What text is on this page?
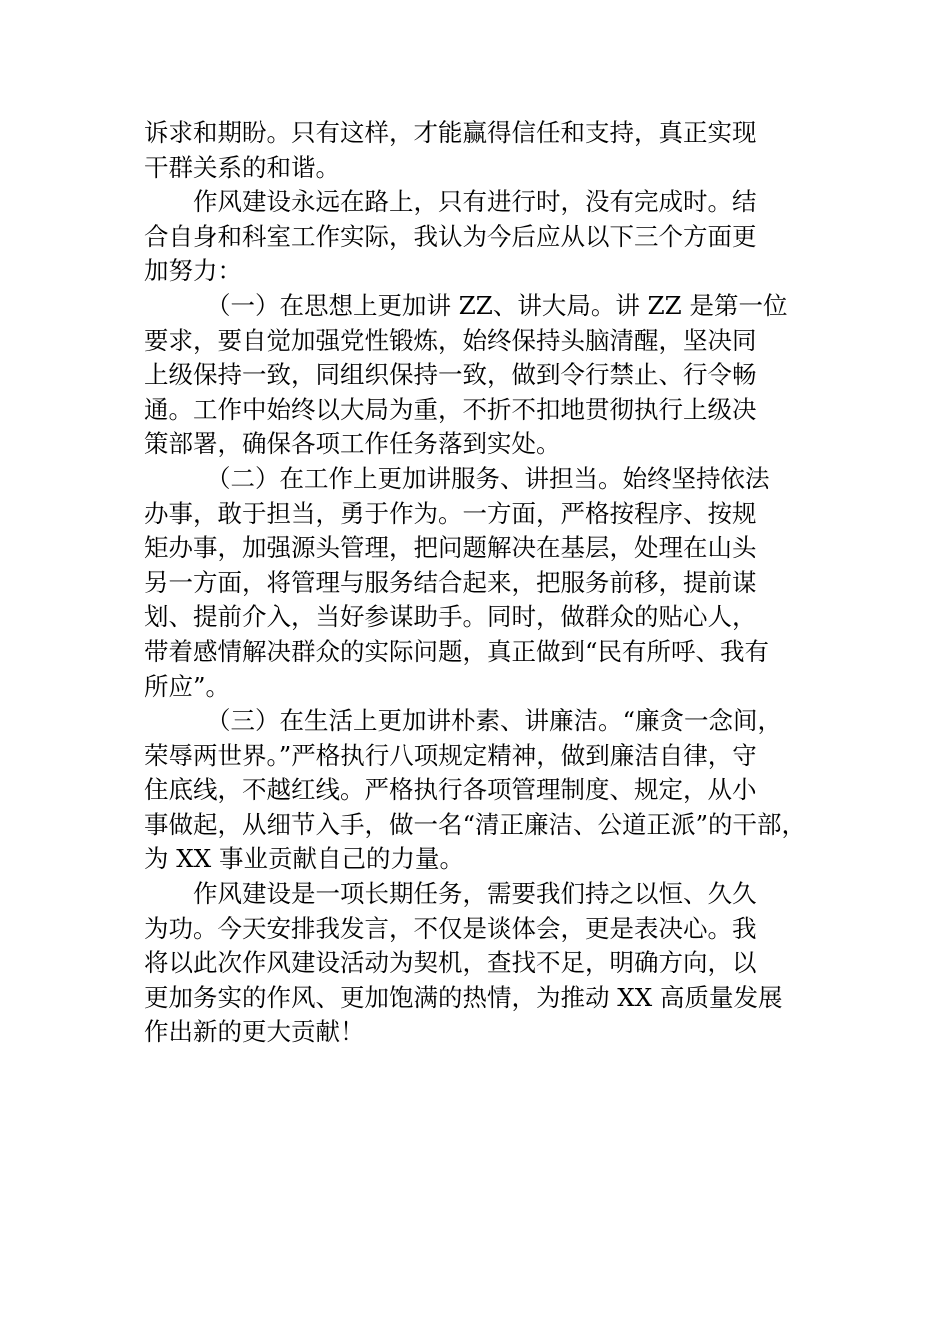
诉求和期盼。只有这样，才能赢得信任和支持，真正实现
干群关系的和谐。
作风建设永远在路上，只有进行时，没有完成时。结
合自身和科室工作实际，我认为今后应从以下三个方面更
加努力：
（一）在思想上更加讲 ZZ、讲大局。讲 ZZ 是第一位
要求，要自觉加强党性锻炼，始终保持头脑清醒，坚决同
上级保持一致，同组织保持一致，做到令行禁止、行令畅
通。工作中始终以大局为重，不折不扣地贯彻执行上级决
策部署，确保各项工作任务落到实处。
（二）在工作上更加讲服务、讲担当。始终坚持依法
办事，敢于担当，勇于作为。一方面，严格按程序、按规
矩办事，加强源头管理，把问题解决在基层，处理在山头
另一方面，将管理与服务结合起来，把服务前移，提前谋
划、提前介入，当好参谋助手。同时，做群众的贴心人，
带着感情解决群众的实际问题，真正做到“民有所呼、我有
所应”。
（三）在生活上更加讲朴素、讲廉洁。“廉贪一念间，
荣辱两世界。”严格执行八项规定精神，做到廉洁自律，守
住底线，不越红线。严格执行各项管理制度、规定，从小
事做起，从细节入手，做一名“清正廉洁、公道正派”的干部，
为 XX 事业贡献自己的力量。
作风建设是一项长期任务，需要我们持之以恒、久久
为功。今天安排我发言，不仅是谈体会，更是表决心。我
将以此次作风建设活动为契机，查找不足，明确方向，以
更加务实的作风、更加饱满的热情，为推动 XX 高质量发展
作出新的更大贡献！
